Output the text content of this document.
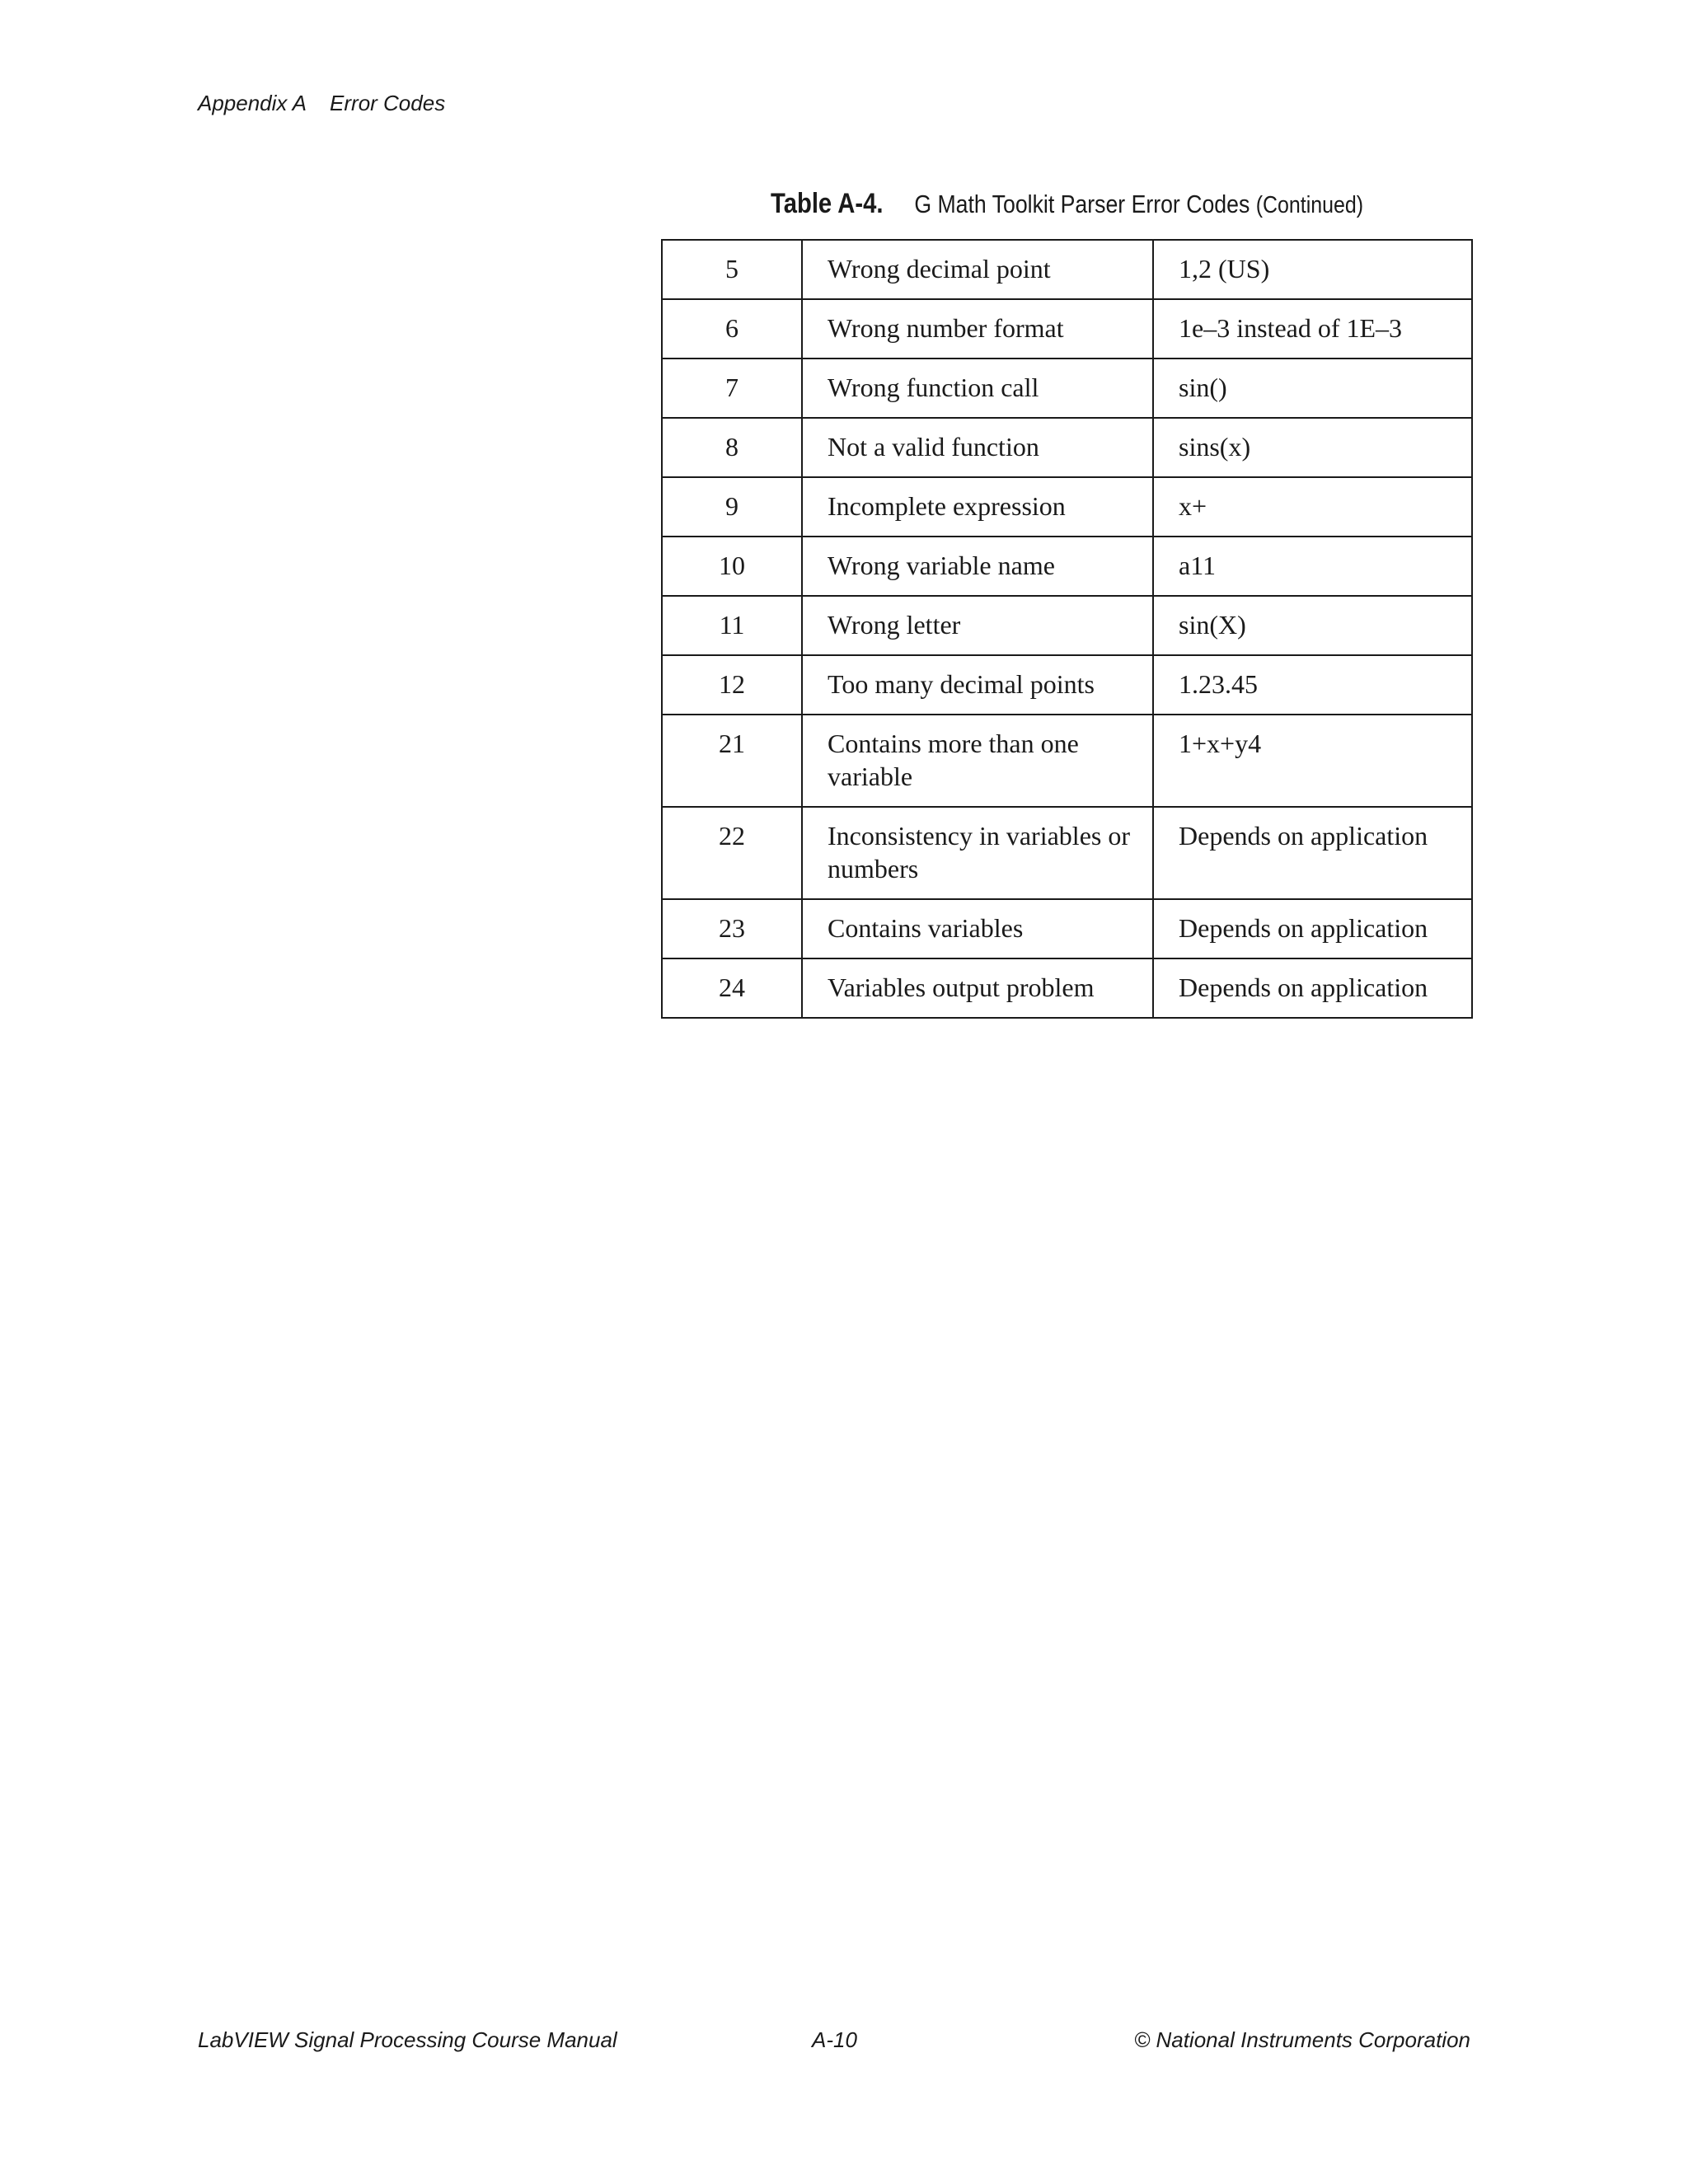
Appendix A Error Codes
Table A-4. G Math Toolkit Parser Error Codes (Continued)
5	Wrong decimal point	1,2 (US)
6	Wrong number format	1e–3 instead of 1E–3
7	Wrong function call	sin()
8	Not a valid function	sins(x)
9	Incomplete expression	x+
10	Wrong variable name	a11
11	Wrong letter	sin(X)
12	Too many decimal points	1.23.45
21	Contains more than one variable	1+x+y4
22	Inconsistency in variables or numbers	Depends on application
23	Contains variables	Depends on application
24	Variables output problem	Depends on application
LabVIEW Signal Processing Course Manual	A-10	© National Instruments Corporation
